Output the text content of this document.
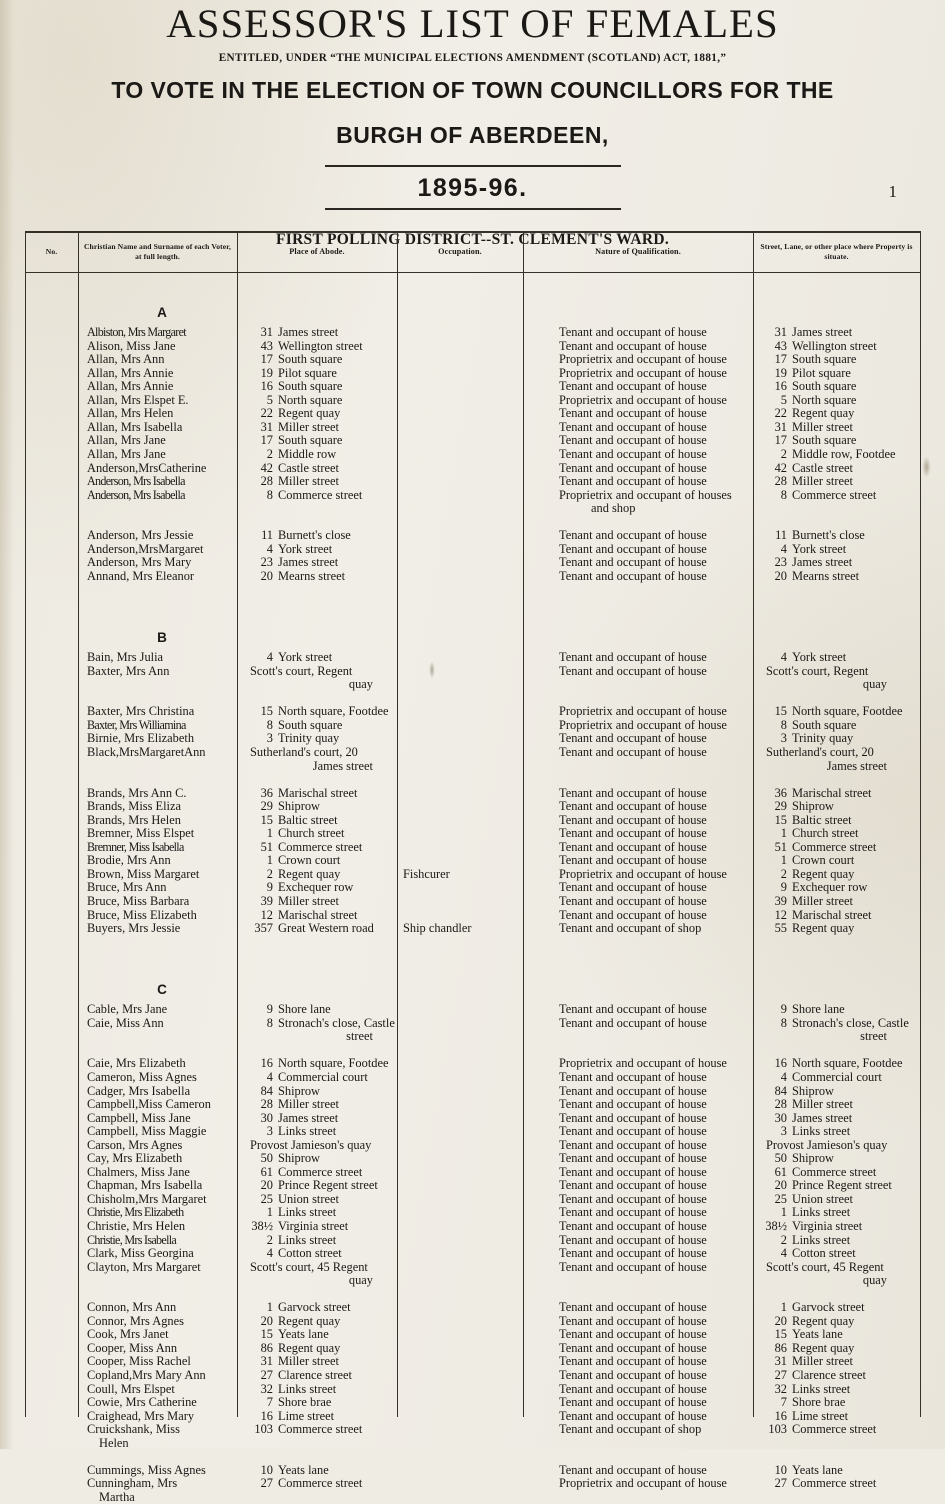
ASSESSOR'S LIST OF FEMALES
ENTITLED, UNDER “THE MUNICIPAL ELECTIONS AMENDMENT (SCOTLAND) ACT, 1881,”
TO VOTE IN THE ELECTION OF TOWN COUNCILLORS FOR THE
BURGH OF ABERDEEN,
1895-96.
FIRST POLLING DISTRICT--ST. CLEMENT'S WARD.
1
No.
Christian Name and Surname of each Voter, at full length.
Place of Abode.	Occupation.	Nature of Qualification.
Street, Lane, or other place where Property is situate.

A
Albiston, Mrs Margaret
Alison, Miss Jane
Allan, Mrs Ann
Allan, Mrs Annie
Allan, Mrs Annie
Allan, Mrs Elspet E.
Allan, Mrs Helen
Allan, Mrs Isabella
Allan, Mrs Jane
Allan, Mrs Jane
Anderson,MrsCatherine
Anderson, Mrs Isabella
Anderson, Mrs Isabella

Anderson, Mrs Jessie
Anderson,MrsMargaret
Anderson, Mrs Mary
Annand, Mrs Eleanor

B
Bain, Mrs Julia
Baxter, Mrs Ann

Baxter, Mrs Christina
Baxter, Mrs Williamina
Birnie, Mrs Elizabeth
Black,MrsMargaretAnn

Brands, Mrs Ann C.
Brands, Miss Eliza
Brands, Mrs Helen
Bremner, Miss Elspet
Bremner, Miss Isabella
Brodie, Mrs Ann
Brown, Miss Margaret
Bruce, Mrs Ann
Bruce, Miss Barbara
Bruce, Miss Elizabeth
Buyers, Mrs Jessie

C
Cable, Mrs Jane
Caie, Miss Ann

Caie, Mrs Elizabeth
Cameron, Miss Agnes
Cadger, Mrs Isabella
Campbell,Miss Cameron
Campbell, Miss Jane
Campbell, Miss Maggie
Carson, Mrs Agnes
Cay, Mrs Elizabeth
Chalmers, Miss Jane
Chapman, Mrs Isabella
Chisholm,Mrs Margaret
Christie, Mrs Elizabeth
Christie, Mrs Helen
Christie, Mrs Isabella
Clark, Miss Georgina
Clayton, Mrs Margaret

Connon, Mrs Ann
Connor, Mrs Agnes
Cook, Mrs Janet
Cooper, Miss Ann
Cooper, Miss Rachel
Copland,Mrs Mary Ann
Coull, Mrs Elspet
Cowie, Mrs Catherine
Craighead, Mrs Mary
Cruickshank, Miss
Helen

Cummings, Miss Agnes
Cunningham, Mrs
Martha

31 James street
43 Wellington street
17 South square
19 Pilot square
16 South square
5 North square
22 Regent quay
31 Miller street
17 South square
2 Middle row
42 Castle street
28 Miller street
8 Commerce street

11 Burnett's close
4 York street
23 James street
20 Mearns street

4 York street

Scott's court, Regent
quay

15 North square, Footdee
8 South square
3 Trinity quay

Sutherland's court, 20
James street

36 Marischal street
29 Shiprow
15 Baltic street
1 Church street
51 Commerce street
1 Crown court
2 Regent quay
9 Exchequer row
39 Miller street
12 Marischal street
357 Great Western road

9 Shore lane
8 Stronach's close, Castle
street

16 North square, Footdee
4 Commercial court
84 Shiprow
28 Miller street
30 James street
3 Links street

Provost Jamieson's quay
50 Shiprow
61 Commerce street
20 Prince Regent street
25 Union street
1 Links street
38½ Virginia street
2 Links street
4 Cotton street

Scott's court, 45 Regent
quay

1 Garvock street
20 Regent quay
15 Yeats lane
86 Regent quay
31 Miller street
27 Clarence street
32 Links street
7 Shore brae
16 Lime street
103 Commerce street

10 Yeats lane
27 Commerce street

Fishcurer

Ship chandler

Tenant and occupant of house
Tenant and occupant of house
Proprietrix and occupant of house
Proprietrix and occupant of house
Tenant and occupant of house
Proprietrix and occupant of house
Tenant and occupant of house
Tenant and occupant of house
Tenant and occupant of house
Tenant and occupant of house
Tenant and occupant of house
Tenant and occupant of house
Proprietrix and occupant of houses
and shop

Tenant and occupant of house
Tenant and occupant of house
Tenant and occupant of house
Tenant and occupant of house

Tenant and occupant of house
Tenant and occupant of house

Proprietrix and occupant of house
Proprietrix and occupant of house
Tenant and occupant of house
Tenant and occupant of house

Tenant and occupant of house
Tenant and occupant of house
Tenant and occupant of house
Tenant and occupant of house
Tenant and occupant of house
Tenant and occupant of house
Proprietrix and occupant of house
Tenant and occupant of house
Tenant and occupant of house
Tenant and occupant of house
Tenant and occupant of shop

Tenant and occupant of house
Tenant and occupant of house

Proprietrix and occupant of house
Tenant and occupant of house
Tenant and occupant of house
Tenant and occupant of house
Tenant and occupant of house
Tenant and occupant of house
Tenant and occupant of house
Tenant and occupant of house
Tenant and occupant of house
Tenant and occupant of house
Tenant and occupant of house
Tenant and occupant of house
Tenant and occupant of house
Tenant and occupant of house
Tenant and occupant of house
Tenant and occupant of house

Tenant and occupant of house
Tenant and occupant of house
Tenant and occupant of house
Tenant and occupant of house
Tenant and occupant of house
Tenant and occupant of house
Tenant and occupant of house
Tenant and occupant of house
Tenant and occupant of house
Tenant and occupant of shop

Tenant and occupant of house
Proprietrix and occupant of house

31 James street
43 Wellington street
17 South square
19 Pilot square
16 South square
5 North square
22 Regent quay
31 Miller street
17 South square
2 Middle row, Footdee
42 Castle street
28 Miller street
8 Commerce street

11 Burnett's close
4 York street
23 James street
20 Mearns street

4 York street

Scott's court, Regent
quay

15 North square, Footdee
8 South square
3 Trinity quay

Sutherland's court, 20
James street

36 Marischal street
29 Shiprow
15 Baltic street
1 Church street
51 Commerce street
1 Crown court
2 Regent quay
9 Exchequer row
39 Miller street
12 Marischal street
55 Regent quay

9 Shore lane
8 Stronach's close, Castle
street

16 North square, Footdee
4 Commercial court
84 Shiprow
28 Miller street
30 James street
3 Links street

Provost Jamieson's quay
50 Shiprow
61 Commerce street
20 Prince Regent street
25 Union street
1 Links street
38½ Virginia street
2 Links street
4 Cotton street

Scott's court, 45 Regent
quay

1 Garvock street
20 Regent quay
15 Yeats lane
86 Regent quay
31 Miller street
27 Clarence street
32 Links street
7 Shore brae
16 Lime street
103 Commerce street

10 Yeats lane
27 Commerce street
